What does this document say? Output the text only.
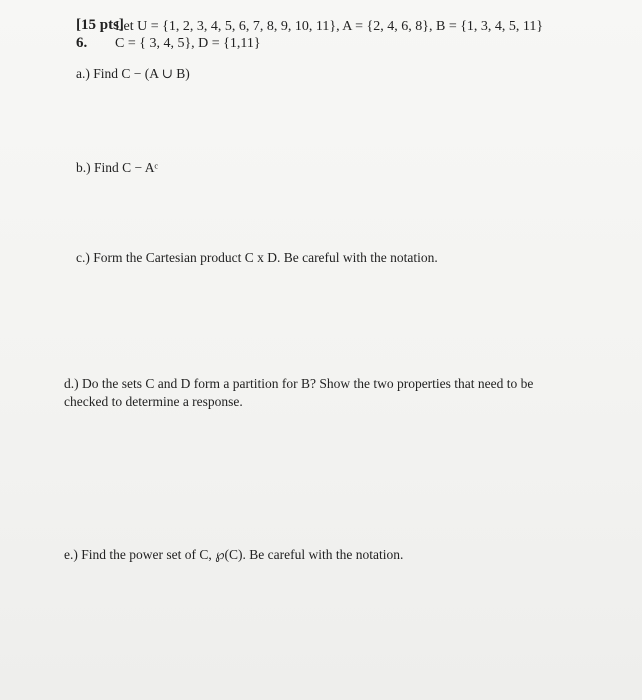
[15 pts]
6.
Let U = {1, 2, 3, 4, 5, 6, 7, 8, 9, 10, 11}, A = {2, 4, 6, 8}, B = {1, 3, 4, 5, 11}
C = { 3, 4, 5}, D = {1,11}
a.) Find C − (A ∪ B)
b.) Find C − Aᶜ
c.) Form the Cartesian product C x D. Be careful with the notation.
d.) Do the sets C and D form a partition for B? Show the two properties that need to be
checked to determine a response.
e.) Find the power set of C, ℘(C). Be careful with the notation.
